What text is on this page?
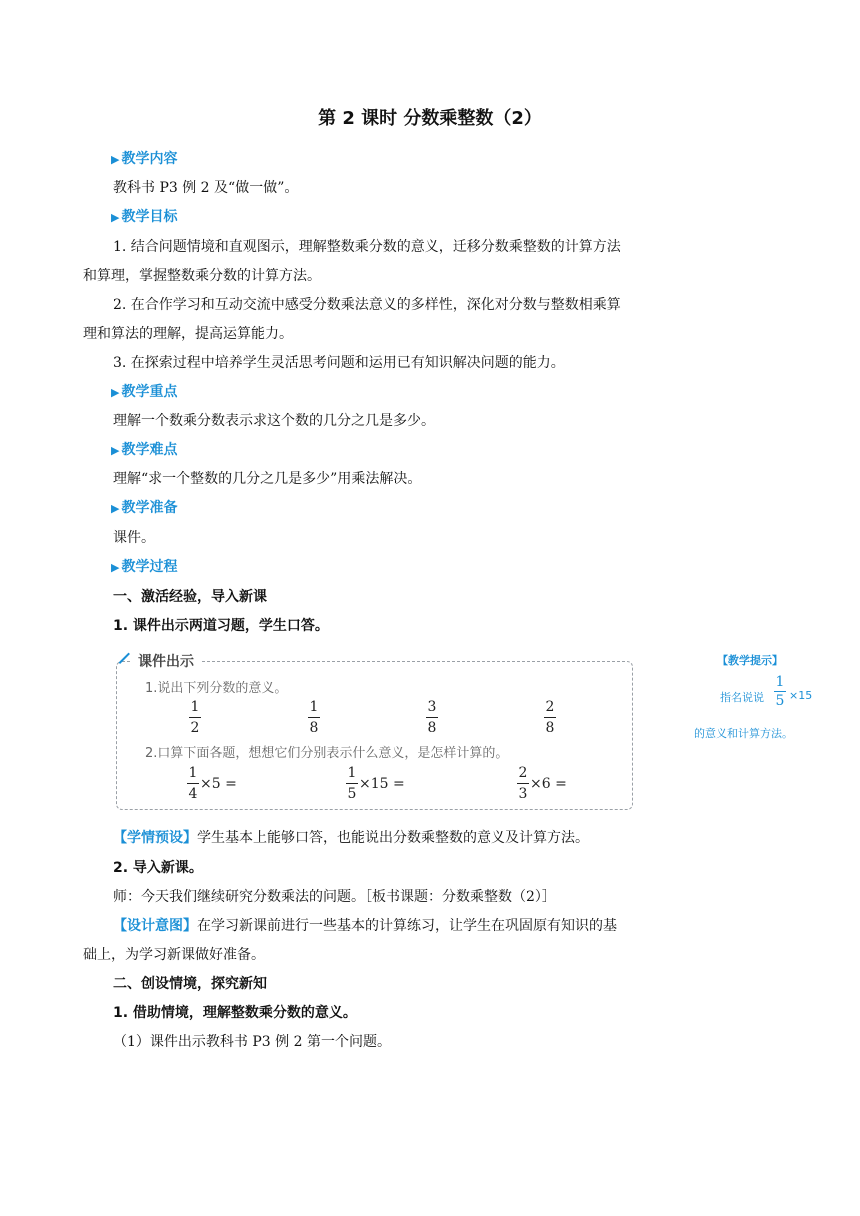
第 2 课时 分数乘整数（2）
▶ 教学内容
教科书 P3 例 2 及“做一做”。
▶ 教学目标
1. 结合问题情境和直观图示，理解整数乘分数的意义，迁移分数乘整数的计算方法
和算理，掌握整数乘分数的计算方法。
2. 在合作学习和互动交流中感受分数乘法意义的多样性，深化对分数与整数相乘算
理和算法的理解，提高运算能力。
3. 在探索过程中培养学生灵活思考问题和运用已有知识解决问题的能力。
▶ 教学重点
理解一个数乘分数表示求这个数的几分之几是多少。
▶ 教学难点
理解“求一个整数的几分之几是多少”用乘法解决。
▶ 教学准备
课件。
▶ 教学过程
一、激活经验，导入新课
1. 课件出示两道习题，学生口答。
课件出示
1.说出下列分数的意义。
1
2
1
8
3
8
2
8
2.口算下面各题，想想它们分别表示什么意义，是怎样计算的。
$\frac{1}{4} \times 5$ =	$\frac{1}{5} \times 15$ =	$\frac{2}{3} \times 6$ =
【教学提示】
指名说说
1
5 ×15
的意义和计算方法。
【学情预设】学生基本上能够口答，也能说出分数乘整数的意义及计算方法。
2. 导入新课。
师：今天我们继续研究分数乘法的问题。［板书课题：分数乘整数（2）］
【设计意图】在学习新课前进行一些基本的计算练习，让学生在巩固原有知识的基
础上，为学习新课做好准备。
二、创设情境，探究新知
1. 借助情境，理解整数乘分数的意义。
（1）课件出示教科书 P3 例 2 第一个问题。
